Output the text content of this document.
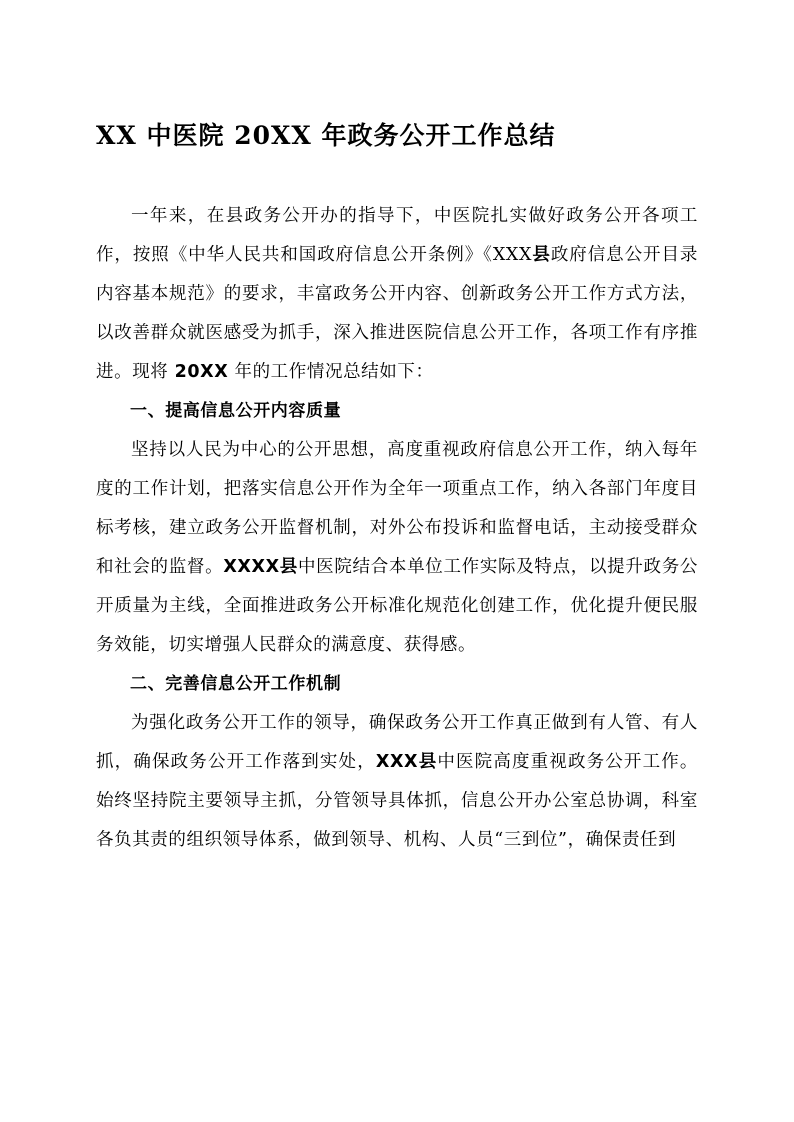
XX 中医院 20XX 年政务公开工作总结

一年来，在县政务公开办的指导下，中医院扎实做好政务公开各项工作，按照《中华人民共和国政府信息公开条例》《XXX县政府信息公开目录内容基本规范》的要求，丰富政务公开内容、创新政务公开工作方式方法，以改善群众就医感受为抓手，深入推进医院信息公开工作，各项工作有序推进。现将 20XX 年的工作情况总结如下：

一、提高信息公开内容质量

坚持以人民为中心的公开思想，高度重视政府信息公开工作，纳入每年度的工作计划，把落实信息公开作为全年一项重点工作，纳入各部门年度目标考核，建立政务公开监督机制，对外公布投诉和监督电话，主动接受群众和社会的监督。XXXX县中医院结合本单位工作实际及特点，以提升政务公开质量为主线，全面推进政务公开标准化规范化创建工作，优化提升便民服务效能，切实增强人民群众的满意度、获得感。

二、完善信息公开工作机制

为强化政务公开工作的领导，确保政务公开工作真正做到有人管、有人抓，确保政务公开工作落到实处，XXX县中医院高度重视政务公开工作。始终坚持院主要领导主抓，分管领导具体抓，信息公开办公室总协调，科室各负其责的组织领导体系，做到领导、机构、人员“三到位”，确保责任到
